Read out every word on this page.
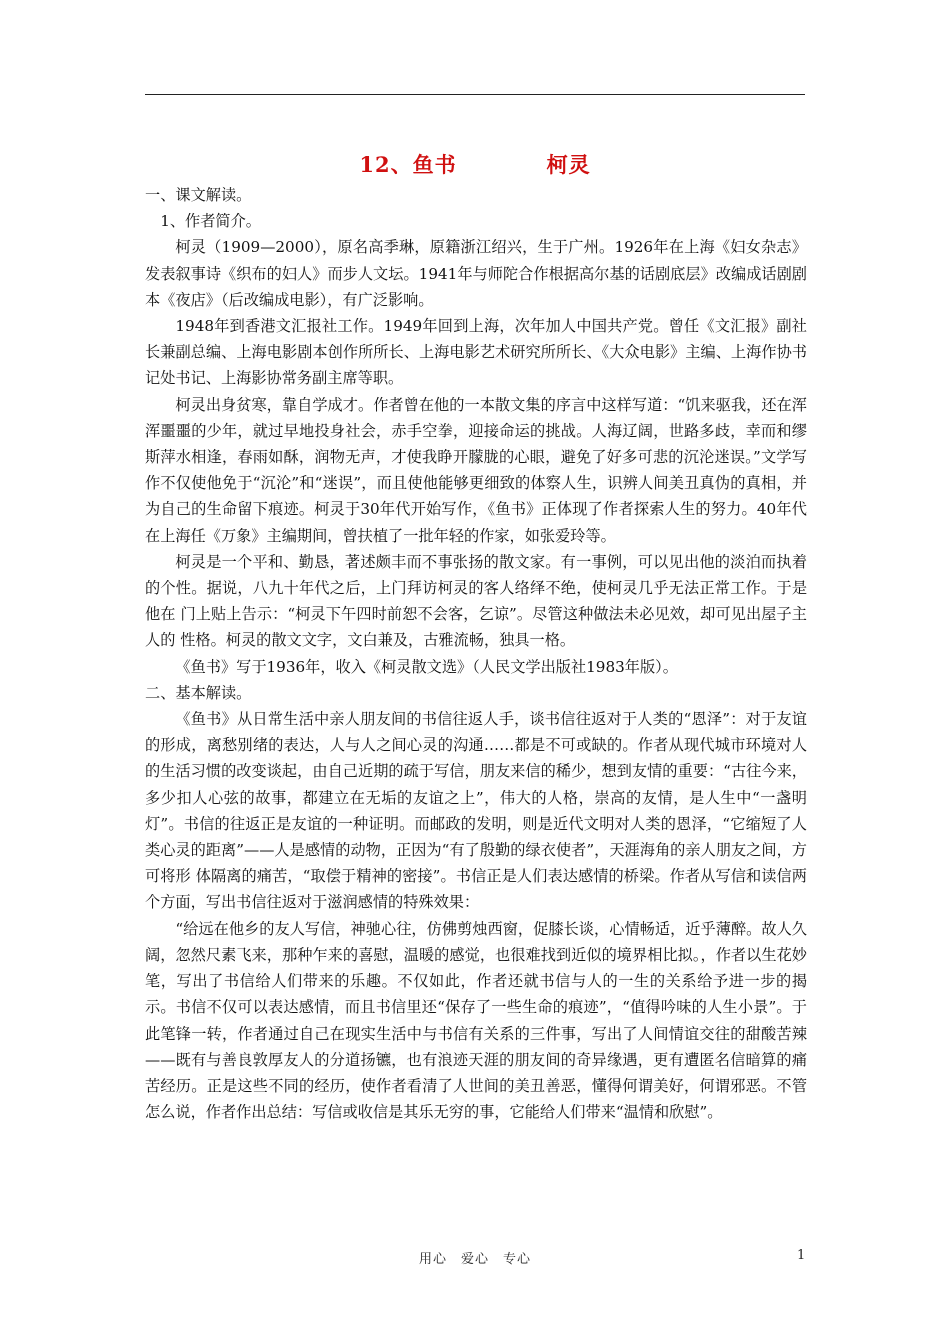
12、鱼书	柯灵

一、课文解读。

1、作者简介。

柯灵（1909—2000），原名高季琳，原籍浙江绍兴，生于广州。1926年在上海《妇女杂志》发表叙事诗《织布的妇人》而步人文坛。1941年与师陀合作根据高尔基的话剧底层》改编成话剧剧本《夜店》（后改编成电影），有广泛影响。

1948年到香港文汇报社工作。1949年回到上海，次年加人中国共产党。曾任《文汇报》副社长兼副总编、上海电影剧本创作所所长、上海电影艺术研究所所长、《大众电影》主编、上海作协书记处书记、上海影协常务副主席等职。

柯灵出身贫寒，靠自学成才。作者曾在他的一本散文集的序言中这样写道：“饥来驱我，还在浑浑噩噩的少年，就过早地投身社会，赤手空拳，迎接命运的挑战。人海辽阔，世路多歧，幸而和缪斯萍水相逢，春雨如酥，润物无声，才使我睁开朦胧的心眼，避免了好多可悲的沉沦迷误。”文学写作不仅使他免于“沉沦”和“迷误”，而且使他能够更细致的体察人生，识辨人间美丑真伪的真相，并为自己的生命留下痕迹。柯灵于30年代开始写作，《鱼书》正体现了作者探索人生的努力。40年代在上海任《万象》主编期间，曾扶植了一批年轻的作家，如张爱玲等。

柯灵是一个平和、勤恳，著述颇丰而不事张扬的散文家。有一事例，可以见出他的淡泊而执着的个性。据说，八九十年代之后，上门拜访柯灵的客人络绎不绝，使柯灵几乎无法正常工作。于是他在 门上贴上告示：“柯灵下午四时前恕不会客，乞谅”。尽管这种做法未必见效，却可见出屋子主人的 性格。柯灵的散文文字，文白兼及，古雅流畅，独具一格。

《鱼书》写于1936年，收入《柯灵散文选》（人民文学出版社1983年版）。

二、基本解读。

《鱼书》从日常生活中亲人朋友间的书信往返人手，谈书信往返对于人类的“恩泽”：对于友谊的形成，离愁别绪的表达，人与人之间心灵的沟通……都是不可或缺的。作者从现代城市环境对人的生活习惯的改变谈起，由自己近期的疏于写信，朋友来信的稀少，想到友情的重要：“古往今来，多少扣人心弦的故事，都建立在无垢的友谊之上”，伟大的人格，崇高的友情，是人生中“一盏明灯”。书信的往返正是友谊的一种证明。而邮政的发明，则是近代文明对人类的恩泽，“它缩短了人类心灵的距离”——人是感情的动物，正因为“有了殷勤的绿衣使者”，天涯海角的亲人朋友之间，方可将形 体隔离的痛苦，“取偿于精神的密接”。书信正是人们表达感情的桥梁。作者从写信和读信两个方面，写出书信往返对于滋润感情的特殊效果：

“给远在他乡的友人写信，神驰心往，仿佛剪烛西窗，促膝长谈，心情畅适，近乎薄醉。故人久阔，忽然尺素飞来，那种乍来的喜慰，温暖的感觉，也很难找到近似的境界相比拟。，作者以生花妙笔，写出了书信给人们带来的乐趣。不仅如此，作者还就书信与人的一生的关系给予进一步的揭示。书信不仅可以表达感情，而且书信里还“保存了一些生命的痕迹”，“值得吟味的人生小景”。于此笔锋一转，作者通过自己在现实生活中与书信有关系的三件事，写出了人间情谊交往的甜酸苦辣——既有与善良敦厚友人的分道扬镳，也有浪迹天涯的朋友间的奇异缘遇，更有遭匿名信暗算的痛苦经历。正是这些不同的经历，使作者看清了人世间的美丑善恶，懂得何谓美好，何谓邪恶。不管怎么说，作者作出总结：写信或收信是其乐无穷的事，它能给人们带来“温情和欣慰”。

用心　爱心　专心	1
